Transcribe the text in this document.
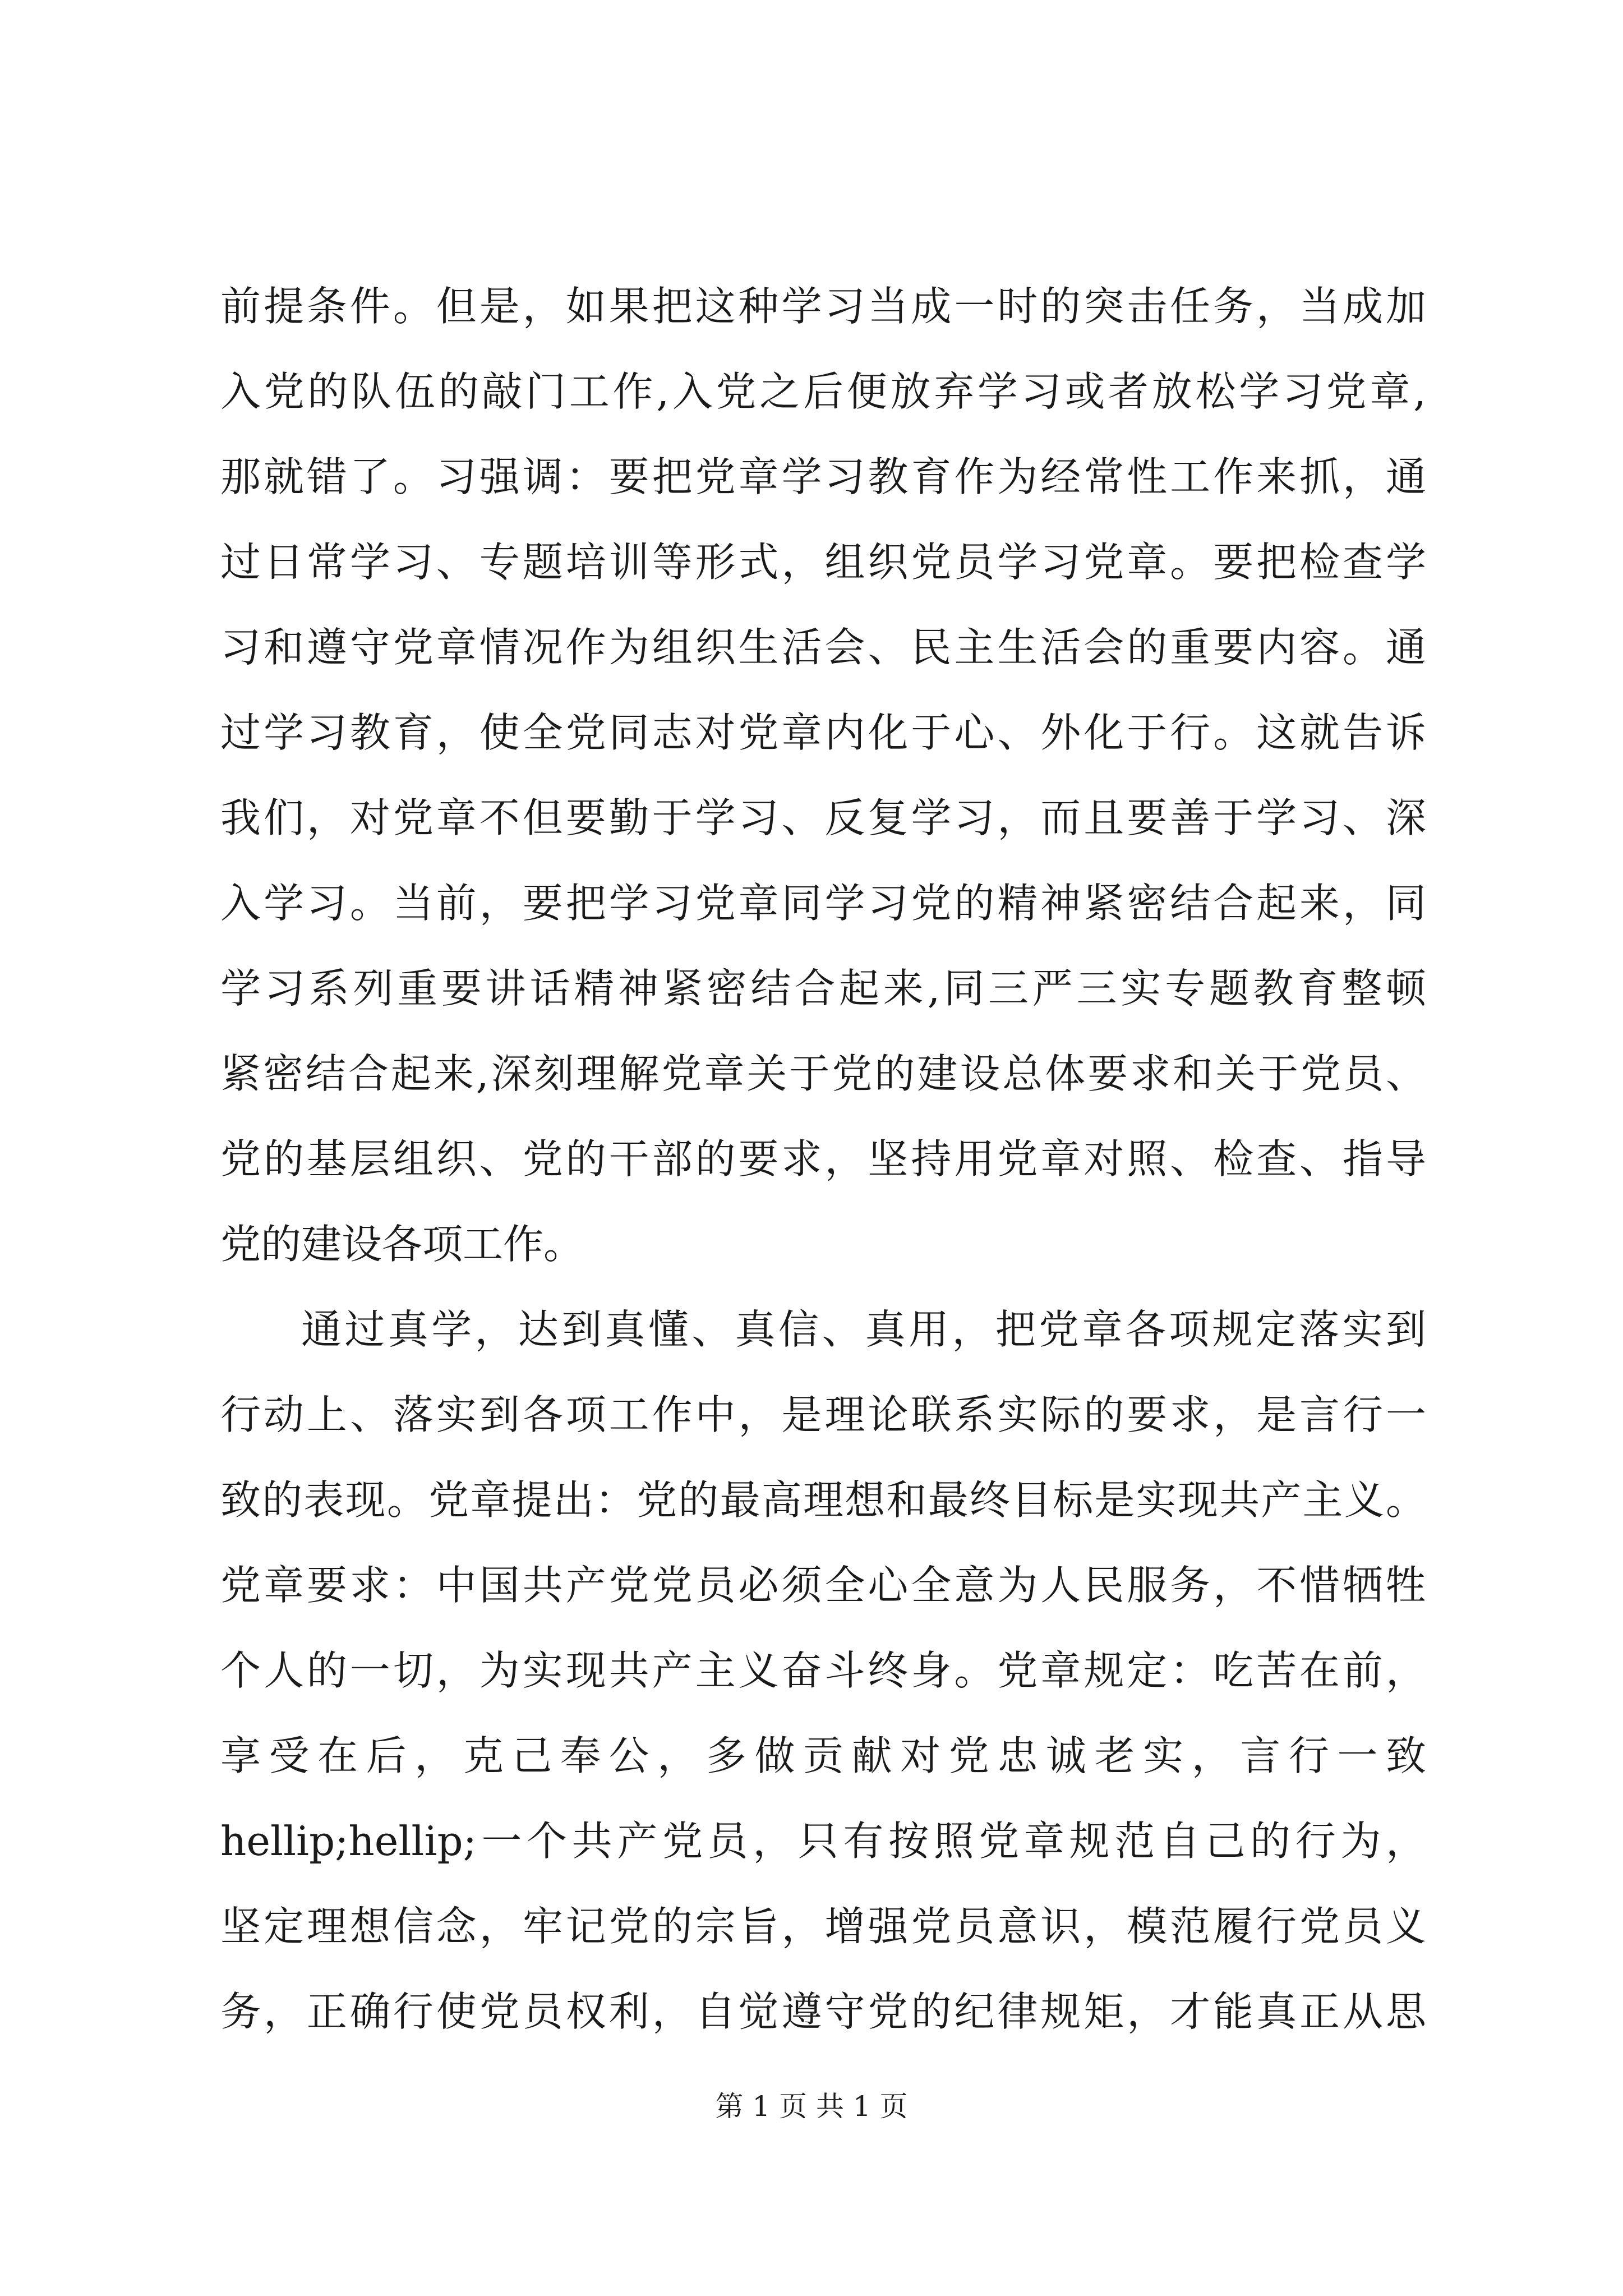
前提条件。但是，如果把这种学习当成一时的突击任务，当成加
入党的队伍的敲门工作,入党之后便放弃学习或者放松学习党章,
那就错了。习强调：要把党章学习教育作为经常性工作来抓，通
过日常学习、专题培训等形式，组织党员学习党章。要把检查学
习和遵守党章情况作为组织生活会、民主生活会的重要内容。通
过学习教育，使全党同志对党章内化于心、外化于行。这就告诉
我们，对党章不但要勤于学习、反复学习，而且要善于学习、深
入学习。当前，要把学习党章同学习党的精神紧密结合起来，同
学习系列重要讲话精神紧密结合起来,同三严三实专题教育整顿
紧密结合起来,深刻理解党章关于党的建设总体要求和关于党员、
党的基层组织、党的干部的要求，坚持用党章对照、检查、指导
党的建设各项工作。
通过真学，达到真懂、真信、真用，把党章各项规定落实到
行动上、落实到各项工作中，是理论联系实际的要求，是言行一
致的表现。党章提出：党的最高理想和最终目标是实现共产主义。
党章要求：中国共产党党员必须全心全意为人民服务，不惜牺牲
个人的一切，为实现共产主义奋斗终身。党章规定：吃苦在前，
享受在后，克己奉公，多做贡献对党忠诚老实，言行一致
hellip;hellip;一个共产党员，只有按照党章规范自己的行为，
坚定理想信念，牢记党的宗旨，增强党员意识，模范履行党员义
务，正确行使党员权利，自觉遵守党的纪律规矩，才能真正从思
第 1 页 共 1 页
